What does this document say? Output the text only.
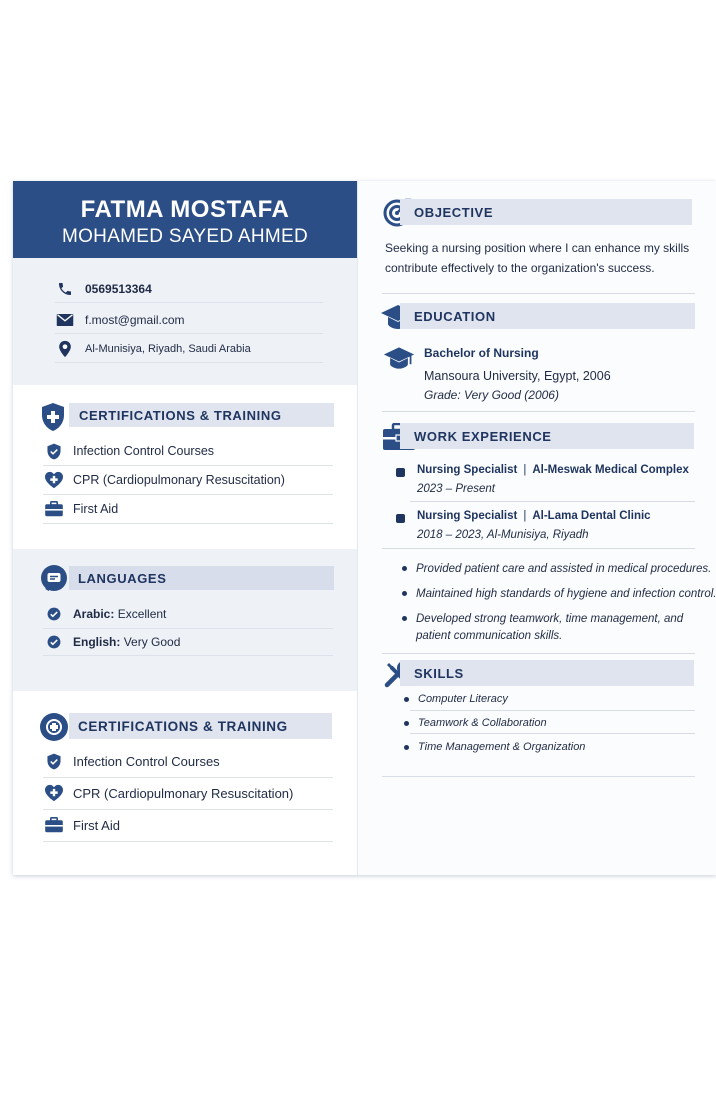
FATMA MOSTAFA
MOHAMED SAYED AHMED
0569513364
f.most@gmail.com
Al-Munisiya, Riyadh, Saudi Arabia
CERTIFICATIONS & TRAINING
Infection Control Courses
CPR (Cardiopulmonary Resuscitation)
First Aid
LANGUAGES
Arabic:
Excellent
English:
Very Good
CERTIFICATIONS & TRAINING
Infection Control Courses
CPR (Cardiopulmonary Resuscitation)
First Aid
OBJECTIVE
Seeking a nursing position where I can enhance my skills
contribute effectively to the organization's success.
EDUCATION
Bachelor of Nursing
Mansoura University, Egypt, 2006
Grade: Very Good (2006)
WORK EXPERIENCE
Nursing Specialist | Al-Meswak Medical Complex
2023 – Present
Nursing Specialist | Al-Lama Dental Clinic
2018 – 2023, Al-Munisiya, Riyadh
Provided patient care and assisted in medical procedures.
Maintained high standards of hygiene and infection control.
Developed strong teamwork, time management, and
patient communication skills.
SKILLS
Computer Literacy
Teamwork & Collaboration
Time Management & Organization
